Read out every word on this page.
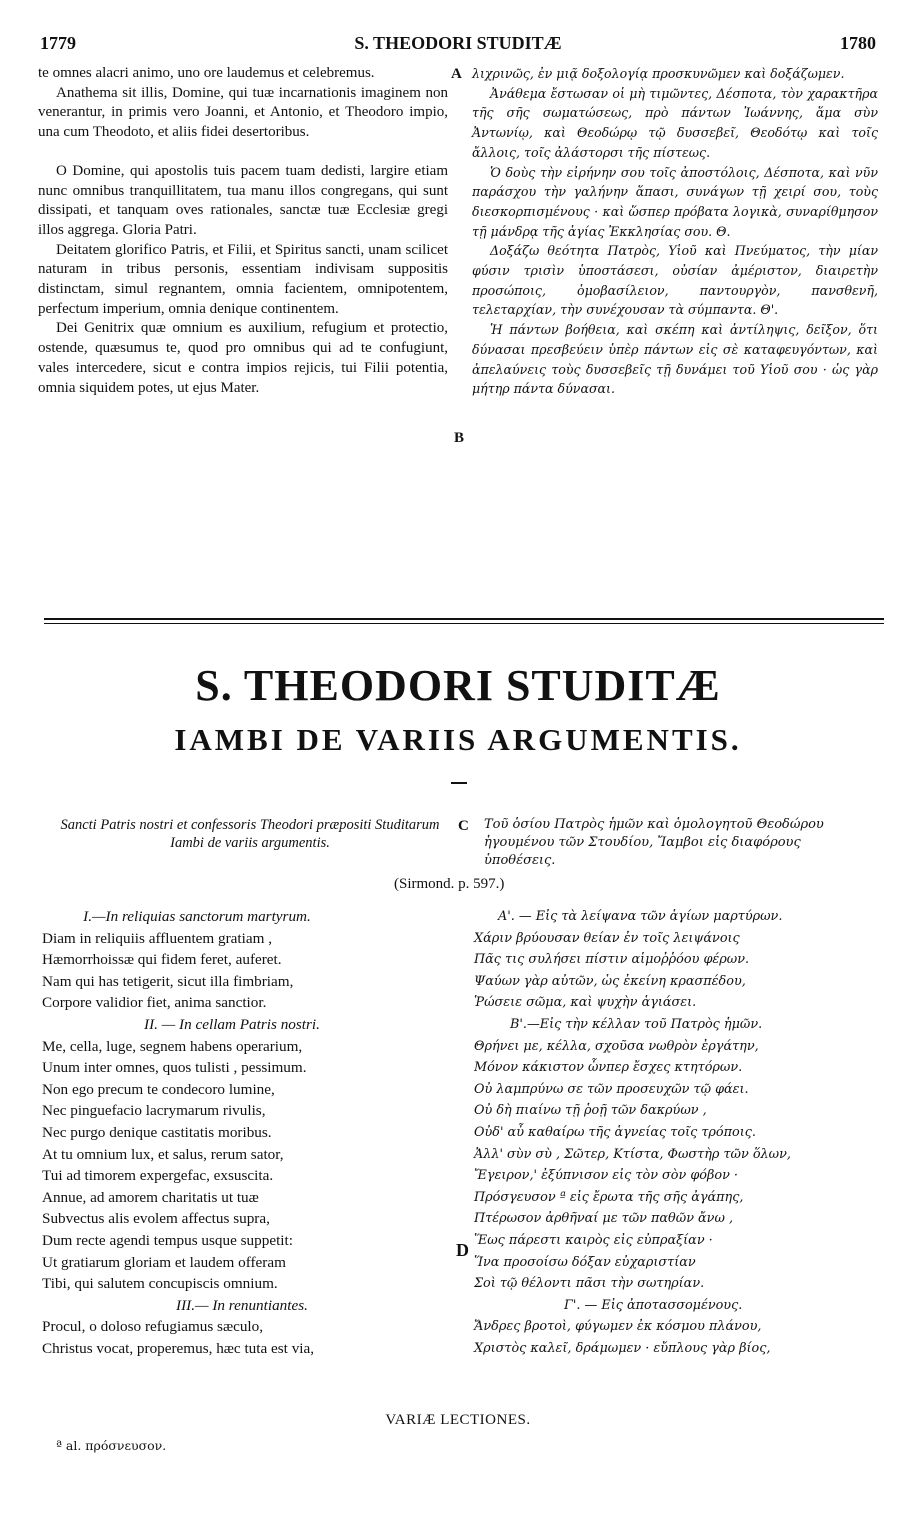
1779	S. THEODORI STUDITÆ	1780

te omnes alacri animo, uno ore laudemus et celebremus.

Anathema sit illis, Domine, qui tuæ incarnationis imaginem non venerantur, in primis vero Joanni, et Antonio, et Theodoro impio, una cum Theodoto, et aliis fidei desertoribus.

O Domine, qui apostolis tuis pacem tuam dedisti, largire etiam nunc omnibus tranquillitatem, tua manu illos congregans, qui sunt dissipati, et tanquam oves rationales, sanctæ tuæ Ecclesiæ gregi illos aggrega. Gloria Patri.

Deitatem glorifico Patris, et Filii, et Spiritus sancti, unam scilicet naturam in tribus personis, essentiam indivisam suppositis distinctam, simul regnantem, omnia facientem, omnipotentem, perfectum imperium, omnia denique continentem.

Dei Genitrix quæ omnium es auxilium, refugium et protectio, ostende, quæsumus te, quod pro omnibus qui ad te confugiunt, vales intercedere, sicut e contra impios rejicis, tui Filii potentia, omnia siquidem potes, ut ejus Mater.

A
B

λιχρινῶς, ἐν μιᾷ δοξολογίᾳ προσκυνῶμεν καὶ δοξάζωμεν.

Ἀνάθεμα ἔστωσαν οἱ μὴ τιμῶντες, Δέσποτα, τὸν χαρακτῆρα τῆς σῆς σωματώσεως, πρὸ πάντων Ἰωάννης, ἅμα σὺν Ἀντωνίῳ, καὶ Θεοδώρῳ τῷ δυσσεβεῖ, Θεοδότῳ καὶ τοῖς ἄλλοις, τοῖς ἀλάστορσι τῆς πίστεως.

Ὁ δοὺς τὴν εἰρήνην σου τοῖς ἀποστόλοις, Δέσποτα, καὶ νῦν παράσχου τὴν γαλήνην ἅπασι, συνάγων τῇ χειρί σου, τοὺς διεσκορπισμένους · καὶ ὥσπερ πρόβατα λογικὰ, συναρίθμησον τῇ μάνδρᾳ τῆς ἁγίας Ἐκκλησίας σου. Θ.

Δοξάζω θεότητα Πατρὸς, Υἱοῦ καὶ Πνεύματος, τὴν μίαν φύσιν τρισὶν ὑποστάσεσι, οὐσίαν ἀμέριστον, διαιρετὴν προσώποις, ὁμοβασίλειον, παντουργὸν, πανσθενῆ, τελεταρχίαν, τὴν συνέχουσαν τὰ σύμπαντα. Θ'.

Ἡ πάντων βοήθεια, καὶ σκέπη καὶ ἀντίληψις, δεῖξον, ὅτι δύνασαι πρεσβεύειν ὑπὲρ πάντων εἰς σὲ καταφευγόντων, καὶ ἀπελαύνεις τοὺς δυσσεβεῖς τῇ δυνάμει τοῦ Υἱοῦ σου · ὡς γὰρ μήτηρ πάντα δύνασαι.

S. THEODORI STUDITÆ
IAMBI DE VARIIS ARGUMENTIS.
Sancti Patris nostri et confessoris Theodori præpositi Studitarum Iambi de variis argumentis.
C Τοῦ ὁσίου Πατρὸς ἡμῶν καὶ ὁμολογητοῦ Θεοδώρου ἡγουμένου τῶν Στουδίου, Ἴαμβοι εἰς διαφόρους ὑποθέσεις.
(Sirmond. p. 597.)
I.—In reliquias sanctorum martyrum.
Diam in reliquiis affluentem gratiam ,
Hæmorrhoissæ qui fidem feret, auferet.
Nam qui has tetigerit, sicut illa fimbriam,
Corpore validior fiet, anima sanctior.
II. — In cellam Patris nostri.
Me, cella, luge, segnem habens operarium,
Unum inter omnes, quos tulisti , pessimum.
Non ego precum te condecoro lumine,
Nec pinguefacio lacrymarum rivulis,
Nec purgo denique castitatis moribus.
At tu omnium lux, et salus, rerum sator,
Tui ad timorem expergefac, exsuscita.
Annue, ad amorem charitatis ut tuæ
Subvectus alis evolem affectus supra,
Dum recte agendi tempus usque suppetit:
Ut gratiarum gloriam et laudem offeram
Tibi, qui salutem concupiscis omnium.
III.— In renuntiantes.
Procul, o doloso refugiamus sæculo,
Christus vocat, properemus, hæc tuta est via,
D
Α'. — Εἰς τὰ λείψανα τῶν ἁγίων μαρτύρων.
Χάριν βρύουσαν θείαν ἐν τοῖς λειψάνοις
Πᾶς τις συλήσει πίστιν αἱμοῤῥόου φέρων.
Ψαύων γὰρ αὐτῶν, ὡς ἐκείνη κρασπέδου,
Ῥώσειε σῶμα, καὶ ψυχὴν ἁγιάσει.
Β'.—Εἰς τὴν κέλλαν τοῦ Πατρὸς ἡμῶν.
Θρήνει με, κέλλα, σχοῦσα νωθρὸν ἐργάτην,
Μόνον κάκιστον ὧνπερ ἔσχες κτητόρων.
Οὐ λαμπρύνω σε τῶν προσευχῶν τῷ φάει.
Οὐ δὴ πιαίνω τῇ ῥοῇ τῶν δακρύων ,
Οὐδ' αὖ καθαίρω τῆς ἁγνείας τοῖς τρόποις.
Ἀλλ' σὺν σὺ , Σῶτερ, Κτίστα, Φωστὴρ τῶν ὅλων,
Ἔγειρον,' ἐξύπνισον εἰς τὸν σὸν φόβον ·
Πρόσγευσον ª εἰς ἔρωτα τῆς σῆς ἀγάπης,
Πτέρωσον ἀρθῆναί με τῶν παθῶν ἄνω ,
Ἕως πάρεστι καιρὸς εἰς εὐπραξίαν ·
Ἵνα προσοίσω δόξαν εὐχαριστίαν
Σοὶ τῷ θέλοντι πᾶσι τὴν σωτηρίαν.
Γ'. — Εἰς ἀποτασσομένους.
Ἄνδρες βροτοὶ, φύγωμεν ἐκ κόσμου πλάνου,
Χριστὸς καλεῖ, δράμωμεν · εὔπλους γὰρ βίος,
VARIÆ LECTIONES.
ª al. πρόσνευσον.
